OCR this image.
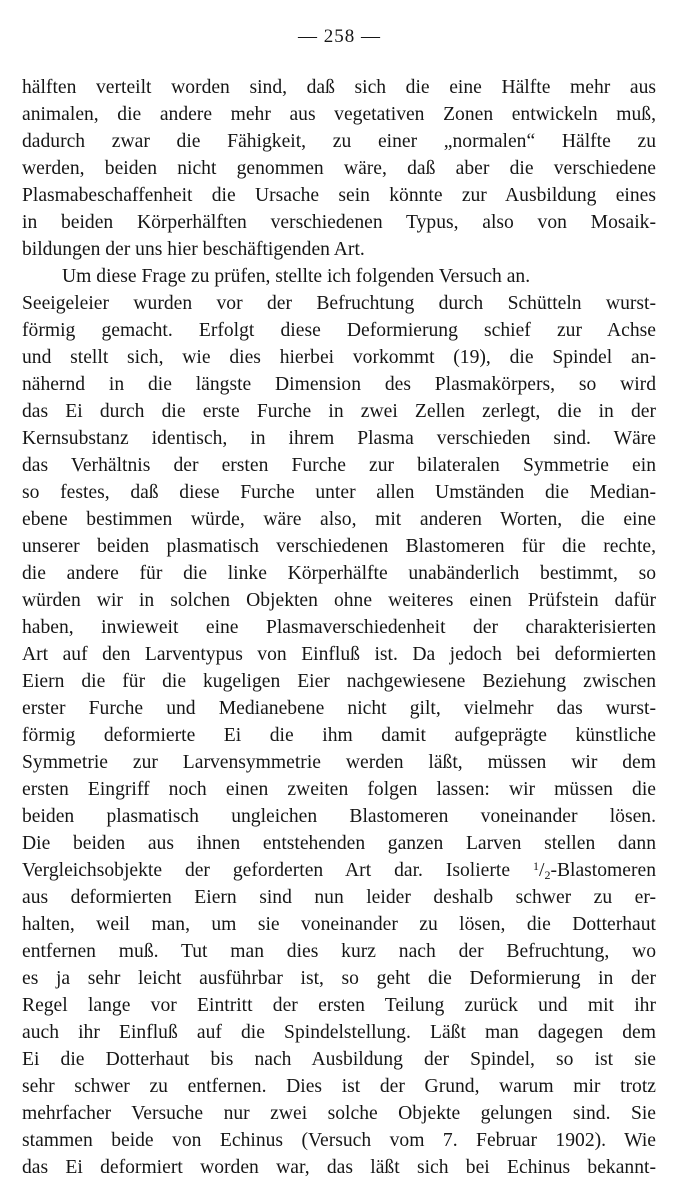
— 258 —
hälften verteilt worden sind, daß sich die eine Hälfte mehr aus
animalen, die andere mehr aus vegetativen Zonen entwickeln muß,
dadurch zwar die Fähigkeit, zu einer „normalen“ Hälfte zu
werden, beiden nicht genommen wäre, daß aber die verschiedene
Plasmabeschaffenheit die Ursache sein könnte zur Ausbildung eines
in beiden Körperhälften verschiedenen Typus, also von Mosaik-
bildungen der uns hier beschäftigenden Art.
Um diese Frage zu prüfen, stellte ich folgenden Versuch an.
Seeigeleier wurden vor der Befruchtung durch Schütteln wurst-
förmig gemacht. Erfolgt diese Deformierung schief zur Achse
und stellt sich, wie dies hierbei vorkommt (19), die Spindel an-
nähernd in die längste Dimension des Plasmakörpers, so wird
das Ei durch die erste Furche in zwei Zellen zerlegt, die in der
Kernsubstanz identisch, in ihrem Plasma verschieden sind. Wäre
das Verhältnis der ersten Furche zur bilateralen Symmetrie ein
so festes, daß diese Furche unter allen Umständen die Median-
ebene bestimmen würde, wäre also, mit anderen Worten, die eine
unserer beiden plasmatisch verschiedenen Blastomeren für die rechte,
die andere für die linke Körperhälfte unabänderlich bestimmt, so
würden wir in solchen Objekten ohne weiteres einen Prüfstein dafür
haben, inwieweit eine Plasmaverschiedenheit der charakterisierten
Art auf den Larventypus von Einfluß ist. Da jedoch bei deformierten
Eiern die für die kugeligen Eier nachgewiesene Beziehung zwischen
erster Furche und Medianebene nicht gilt, vielmehr das wurst-
förmig deformierte Ei die ihm damit aufgeprägte künstliche
Symmetrie zur Larvensymmetrie werden läßt, müssen wir dem
ersten Eingriff noch einen zweiten folgen lassen: wir müssen die
beiden plasmatisch ungleichen Blastomeren voneinander lösen.
Die beiden aus ihnen entstehenden ganzen Larven stellen dann
Vergleichsobjekte der geforderten Art dar. Isolierte $^1/_2$-Blastomeren
aus deformierten Eiern sind nun leider deshalb schwer zu er-
halten, weil man, um sie voneinander zu lösen, die Dotterhaut
entfernen muß. Tut man dies kurz nach der Befruchtung, wo
es ja sehr leicht ausführbar ist, so geht die Deformierung in der
Regel lange vor Eintritt der ersten Teilung zurück und mit ihr
auch ihr Einfluß auf die Spindelstellung. Läßt man dagegen dem
Ei die Dotterhaut bis nach Ausbildung der Spindel, so ist sie
sehr schwer zu entfernen. Dies ist der Grund, warum mir trotz
mehrfacher Versuche nur zwei solche Objekte gelungen sind. Sie
stammen beide von Echinus (Versuch vom 7. Februar 1902). Wie
das Ei deformiert worden war, das läßt sich bei Echinus bekannt-
